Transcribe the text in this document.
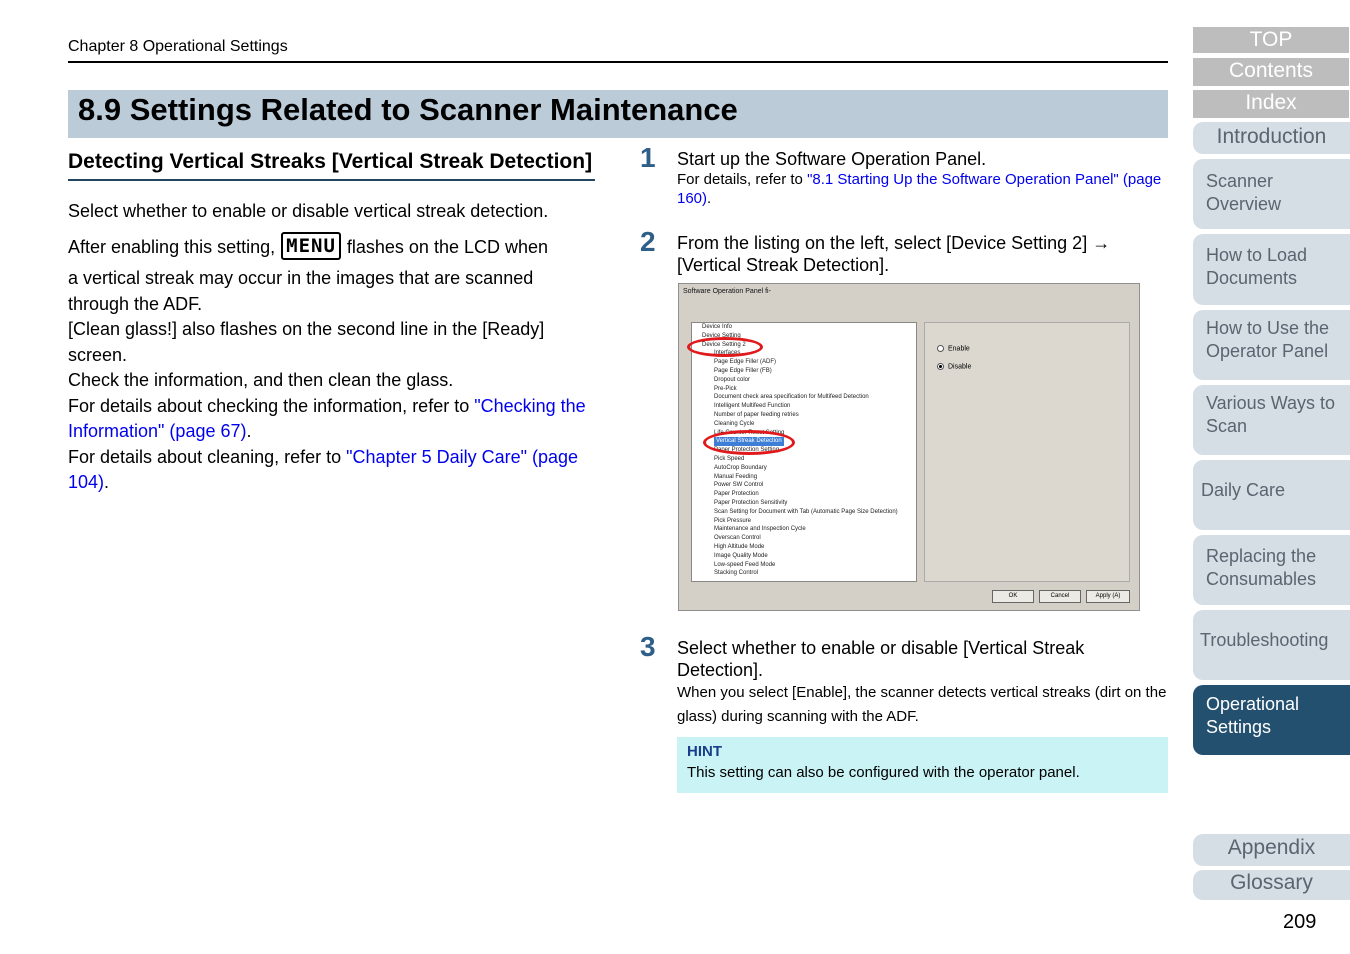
Chapter 8 Operational Settings
8.9 Settings Related to Scanner Maintenance
Detecting Vertical Streaks [Vertical Streak Detection]

Select whether to enable or disable vertical streak detection.

After enabling this setting, MENU flashes on the LCD when

a vertical streak may occur in the images that are scanned through the ADF.

[Clean glass!] also flashes on the second line in the [Ready] screen.

Check the information, and then clean the glass.

For details about checking the information, refer to "Checking the Information" (page 67).

For details about cleaning, refer to "Chapter 5 Daily Care" (page 104).

1 Start up the Software Operation Panel.
For details, refer to "8.1 Starting Up the Software Operation Panel" (page 160).
2 From the listing on the left, select [Device Setting 2] → [Vertical Streak Detection].
Software Operation Panel fi-
Device Info
Device Setting
Device Setting 2
Interfaces
Page Edge Filler (ADF)
Page Edge Filler (FB)
Dropout color
Pre-Pick
Document check area specification for Multifeed Detection
Intelligent Multifeed Function
Number of paper feeding retries
Cleaning Cycle
Life Counter Reset Setting
Vertical Streak Detection
Paper Protection Setting
Pick Speed
AutoCrop Boundary
Manual Feeding
Power SW Control
Paper Protection
Paper Protection Sensitivity
Scan Setting for Document with Tab (Automatic Page Size Detection)
Pick Pressure
Maintenance and Inspection Cycle
Overscan Control
High Altitude Mode
Image Quality Mode
Low-speed Feed Mode
Stacking Control
Enable
Disable
OK	Cancel	Apply (A)
3 Select whether to enable or disable [Vertical Streak Detection].
When you select [Enable], the scanner detects vertical streaks (dirt on the glass) during scanning with the ADF.
HINT
This setting can also be configured with the operator panel.
TOP
Contents
Index
Introduction
Scanner Overview
How to Load Documents
How to Use the Operator Panel
Various Ways to Scan
Daily Care
Replacing the Consumables
Troubleshooting
Operational Settings
Appendix
Glossary
209
